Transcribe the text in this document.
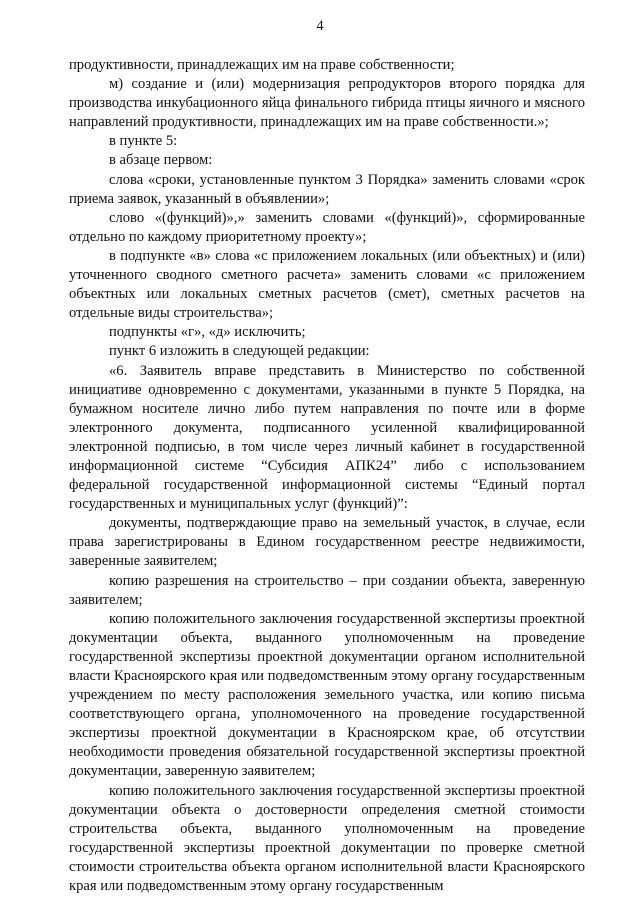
4

продуктивности, принадлежащих им на праве собственности;

м) создание и (или) модернизация репродукторов второго порядка для производства инкубационного яйца финального гибрида птицы яичного и мясного направлений продуктивности, принадлежащих им на праве собственности.»;

в пункте 5:

в абзаце первом:

слова «сроки, установленные пунктом 3 Порядка» заменить словами «срок приема заявок, указанный в объявлении»;

слово «(функций)»,» заменить словами «(функций)», сформированные отдельно по каждому приоритетному проекту»;

в подпункте «в» слова «с приложением локальных (или объектных) и (или) уточненного сводного сметного расчета» заменить словами «с приложением объектных или локальных сметных расчетов (смет), сметных расчетов на отдельные виды строительства»;

подпункты «г», «д» исключить;

пункт 6 изложить в следующей редакции:

«6. Заявитель вправе представить в Министерство по собственной инициативе одновременно с документами, указанными в пункте 5 Порядка, на бумажном носителе лично либо путем направления по почте или в форме электронного документа, подписанного усиленной квалифицированной электронной подписью, в том числе через личный кабинет в государственной информационной системе “Субсидия АПК24” либо с использованием федеральной государственной информационной системы “Единый портал государственных и муниципальных услуг (функций)”:

документы, подтверждающие право на земельный участок, в случае, если права зарегистрированы в Едином государственном реестре недвижимости, заверенные заявителем;

копию разрешения на строительство – при создании объекта, заверенную заявителем;

копию положительного заключения государственной экспертизы проектной документации объекта, выданного уполномоченным на проведение государственной экспертизы проектной документации органом исполнительной власти Красноярского края или подведомственным этому органу государственным учреждением по месту расположения земельного участка, или копию письма соответствующего органа, уполномоченного на проведение государственной экспертизы проектной документации в Красноярском крае, об отсутствии необходимости проведения обязательной государственной экспертизы проектной документации, заверенную заявителем;

копию положительного заключения государственной экспертизы проектной документации объекта о достоверности определения сметной стоимости строительства объекта, выданного уполномоченным на проведение государственной экспертизы проектной документации по проверке сметной стоимости строительства объекта органом исполнительной власти Красноярского края или подведомственным этому органу государственным
